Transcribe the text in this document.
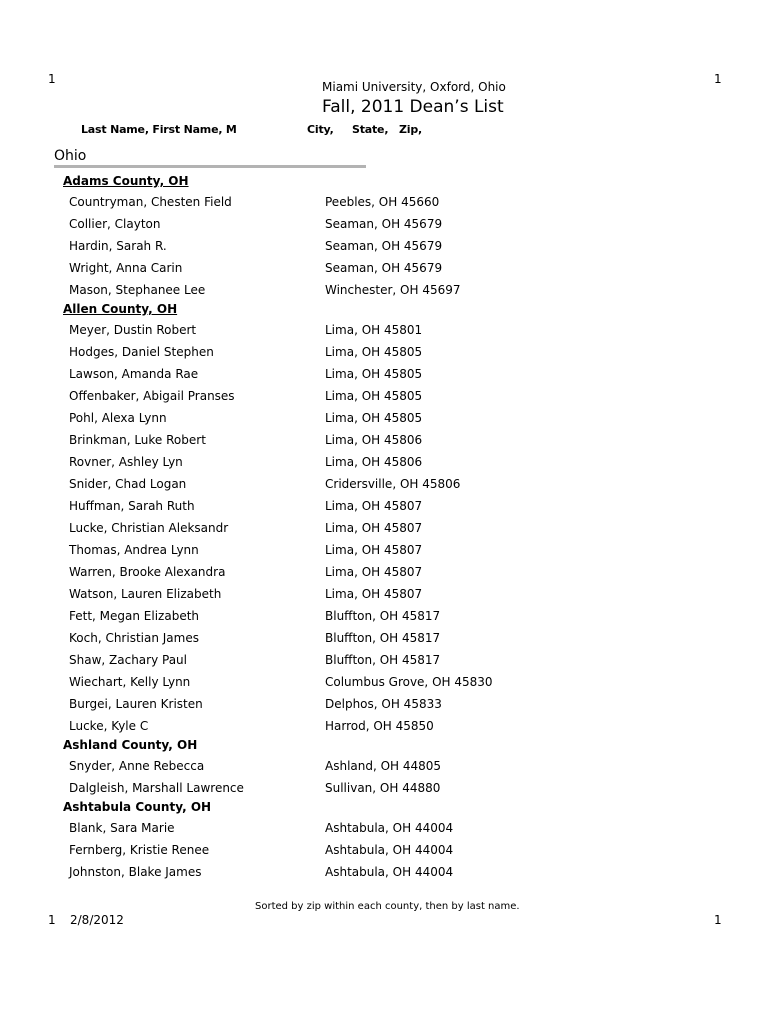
1	1
Miami University, Oxford, Ohio
Fall, 2011 Dean’s List
Last Name, First Name, M	City, State, Zip,
Ohio
Adams County, OH
Countryman, Chesten Field	Peebles, OH 45660
Collier, Clayton	Seaman, OH 45679
Hardin, Sarah R.	Seaman, OH 45679
Wright, Anna Carin	Seaman, OH 45679
Mason, Stephanee Lee	Winchester, OH 45697
Allen County, OH
Meyer, Dustin Robert	Lima, OH 45801
Hodges, Daniel Stephen	Lima, OH 45805
Lawson, Amanda Rae	Lima, OH 45805
Offenbaker, Abigail Pranses	Lima, OH 45805
Pohl, Alexa Lynn	Lima, OH 45805
Brinkman, Luke Robert	Lima, OH 45806
Rovner, Ashley Lyn	Lima, OH 45806
Snider, Chad Logan	Cridersville, OH 45806
Huffman, Sarah Ruth	Lima, OH 45807
Lucke, Christian Aleksandr	Lima, OH 45807
Thomas, Andrea Lynn	Lima, OH 45807
Warren, Brooke Alexandra	Lima, OH 45807
Watson, Lauren Elizabeth	Lima, OH 45807
Fett, Megan Elizabeth	Bluffton, OH 45817
Koch, Christian James	Bluffton, OH 45817
Shaw, Zachary Paul	Bluffton, OH 45817
Wiechart, Kelly Lynn	Columbus Grove, OH 45830
Burgei, Lauren Kristen	Delphos, OH 45833
Lucke, Kyle C	Harrod, OH 45850
Ashland County, OH
Snyder, Anne Rebecca	Ashland, OH 44805
Dalgleish, Marshall Lawrence	Sullivan, OH 44880
Ashtabula County, OH
Blank, Sara Marie	Ashtabula, OH 44004
Fernberg, Kristie Renee	Ashtabula, OH 44004
Johnston, Blake James	Ashtabula, OH 44004
Sorted by zip within each county, then by last name.
1 2/8/2012	1
